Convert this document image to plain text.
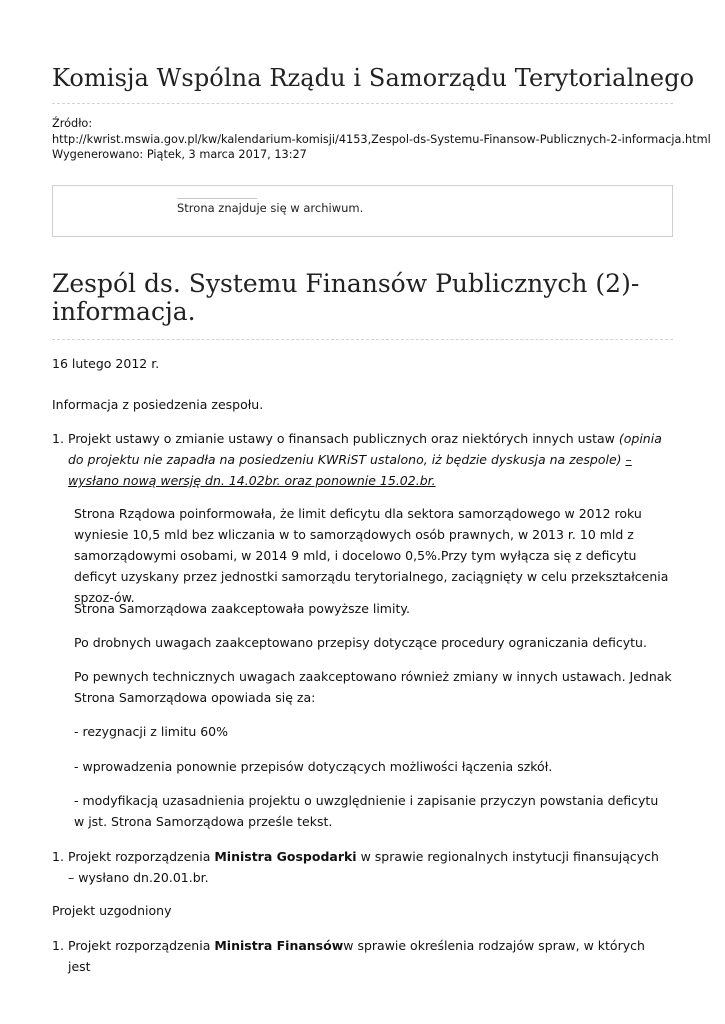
Komisja Wspólna Rządu i Samorządu Terytorialnego
Źródło:
http://kwrist.mswia.gov.pl/kw/kalendarium-komisji/4153,Zespol-ds-Systemu-Finansow-Publicznych-2-informacja.html
Wygenerowano: Piątek, 3 marca 2017, 13:27
Strona znajduje się w archiwum.
Zespól ds. Systemu Finansów Publicznych (2)-informacja.

16 lutego 2012 r.

Informacja z posiedzenia zespołu.

1. Projekt ustawy o zmianie ustawy o finansach publicznych oraz niektórych innych ustaw (opinia do projektu nie zapadła na posiedzeniu KWRiST ustalono, iż będzie dyskusja na zespole) –wysłano nową wersję dn. 14.02br. oraz ponownie 15.02.br.

Strona Rządowa poinformowała, że limit deficytu dla sektora samorządowego w 2012 roku wyniesie 10,5 mld bez wliczania w to samorządowych osób prawnych, w 2013 r. 10 mld z samorządowymi osobami, w 2014 9 mld, i docelowo 0,5%.Przy tym wyłącza się z deficytu deficyt uzyskany przez jednostki samorządu terytorialnego, zaciągnięty w celu przekształcenia spzoz-ów.

Strona Samorządowa zaakceptowała powyższe limity.

Po drobnych uwagach zaakceptowano przepisy dotyczące procedury ograniczania deficytu.

Po pewnych technicznych uwagach zaakceptowano również zmiany w innych ustawach. Jednak Strona Samorządowa opowiada się za:

- rezygnacji z limitu 60%

- wprowadzenia ponownie przepisów dotyczących możliwości łączenia szkół.

- modyfikacją uzasadnienia projektu o uwzględnienie i zapisanie przyczyn powstania deficytu w jst. Strona Samorządowa prześle tekst.

1. Projekt rozporządzenia Ministra Gospodarki w sprawie regionalnych instytucji finansujących – wysłano dn.20.01.br.

Projekt uzgodniony

1. Projekt rozporządzenia Ministra Finansóww sprawie określenia rodzajów spraw, w których jest
